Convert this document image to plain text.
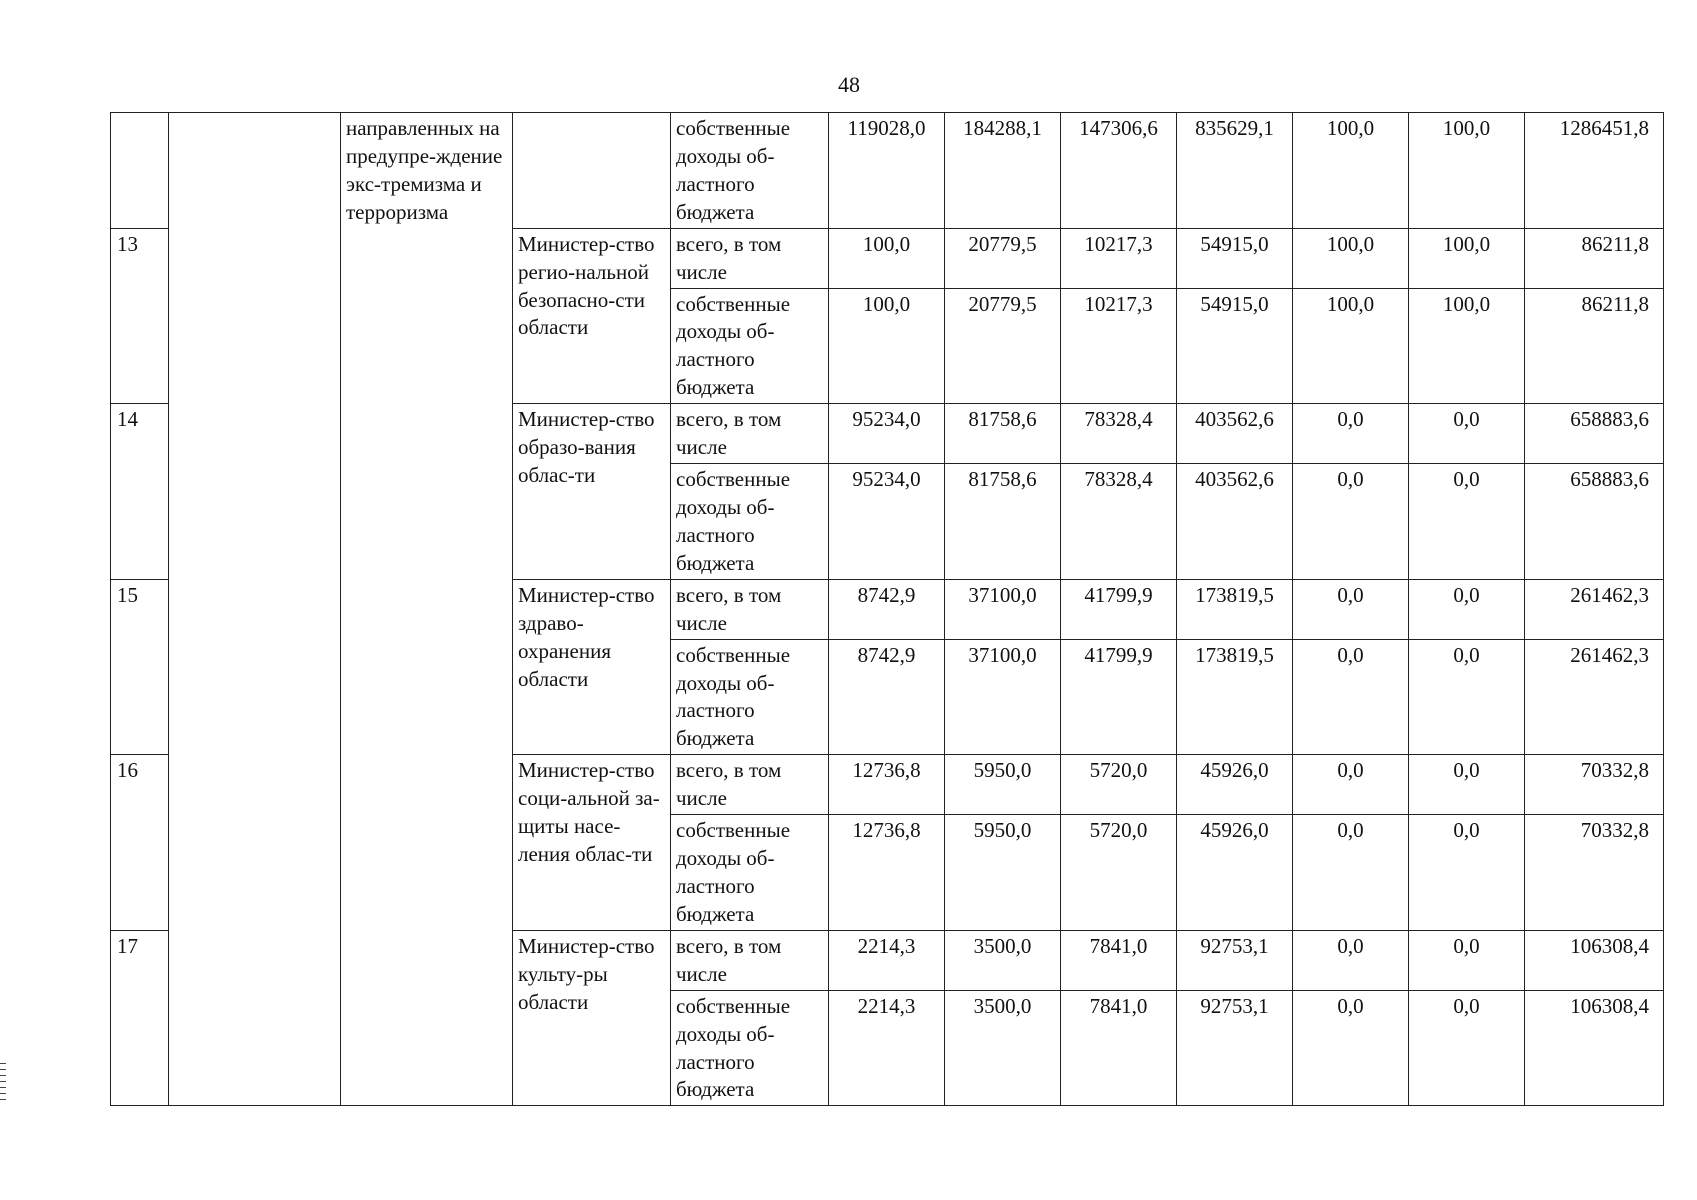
48
		направленных на предупре-ждение экс-тремизма и терроризма		собственные доходы об-ластного бюджета	119028,0	184288,1	147306,6	835629,1	100,0	100,0	1286451,8
13			Министер-ство регио-нальной безопасно-сти области	всего, в том числе	100,0	20779,5	10217,3	54915,0	100,0	100,0	86211,8
				собственные доходы об-ластного бюджета	100,0	20779,5	10217,3	54915,0	100,0	100,0	86211,8
14			Министер-ство образо-вания облас-ти	всего, в том числе	95234,0	81758,6	78328,4	403562,6	0,0	0,0	658883,6
				собственные доходы об-ластного бюджета	95234,0	81758,6	78328,4	403562,6	0,0	0,0	658883,6
15			Министер-ство здраво-охранения области	всего, в том числе	8742,9	37100,0	41799,9	173819,5	0,0	0,0	261462,3
				собственные доходы об-ластного бюджета	8742,9	37100,0	41799,9	173819,5	0,0	0,0	261462,3
16			Министер-ство соци-альной за-щиты насе-ления облас-ти	всего, в том числе	12736,8	5950,0	5720,0	45926,0	0,0	0,0	70332,8
				собственные доходы об-ластного бюджета	12736,8	5950,0	5720,0	45926,0	0,0	0,0	70332,8
17			Министер-ство культу-ры области	всего, в том числе	2214,3	3500,0	7841,0	92753,1	0,0	0,0	106308,4
				собственные доходы об-ластного бюджета	2214,3	3500,0	7841,0	92753,1	0,0	0,0	106308,4
